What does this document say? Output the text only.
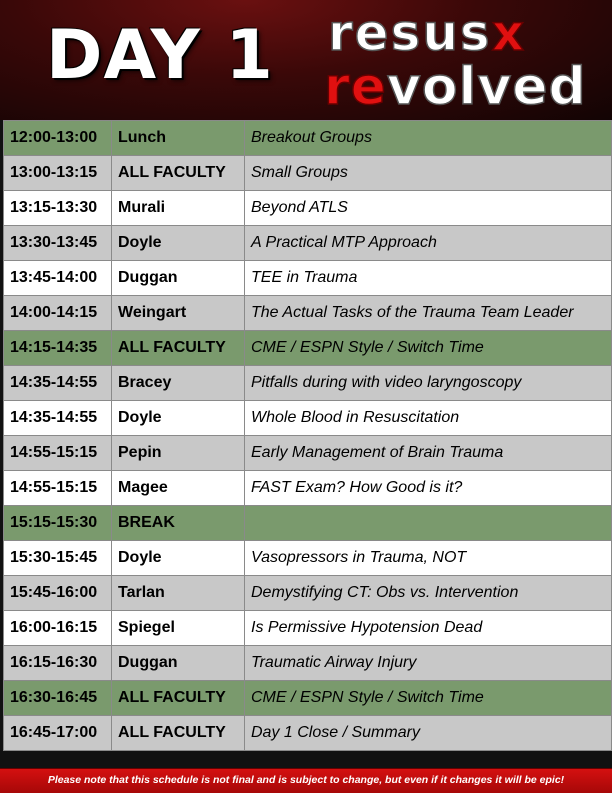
DAY 1 resusx
revolved
12:00-13:00	Lunch	Breakout Groups
13:00-13:15	ALL FACULTY	Small Groups
13:15-13:30	Murali	Beyond ATLS
13:30-13:45	Doyle	A Practical MTP Approach
13:45-14:00	Duggan	TEE in Trauma
14:00-14:15	Weingart	The Actual Tasks of the Trauma Team Leader
14:15-14:35	ALL FACULTY	CME / ESPN Style / Switch Time
14:35-14:55	Bracey	Pitfalls during with video laryngoscopy
14:35-14:55	Doyle	Whole Blood in Resuscitation
14:55-15:15	Pepin	Early Management of Brain Trauma
14:55-15:15	Magee	FAST Exam? How Good is it?
15:15-15:30	BREAK	
15:30-15:45	Doyle	Vasopressors in Trauma, NOT
15:45-16:00	Tarlan	Demystifying CT: Obs vs. Intervention
16:00-16:15	Spiegel	Is Permissive Hypotension Dead
16:15-16:30	Duggan	Traumatic Airway Injury
16:30-16:45	ALL FACULTY	CME / ESPN Style / Switch Time
16:45-17:00	ALL FACULTY	Day 1 Close / Summary
Please note that this schedule is not final and is subject to change, but even if it changes it will be epic!
